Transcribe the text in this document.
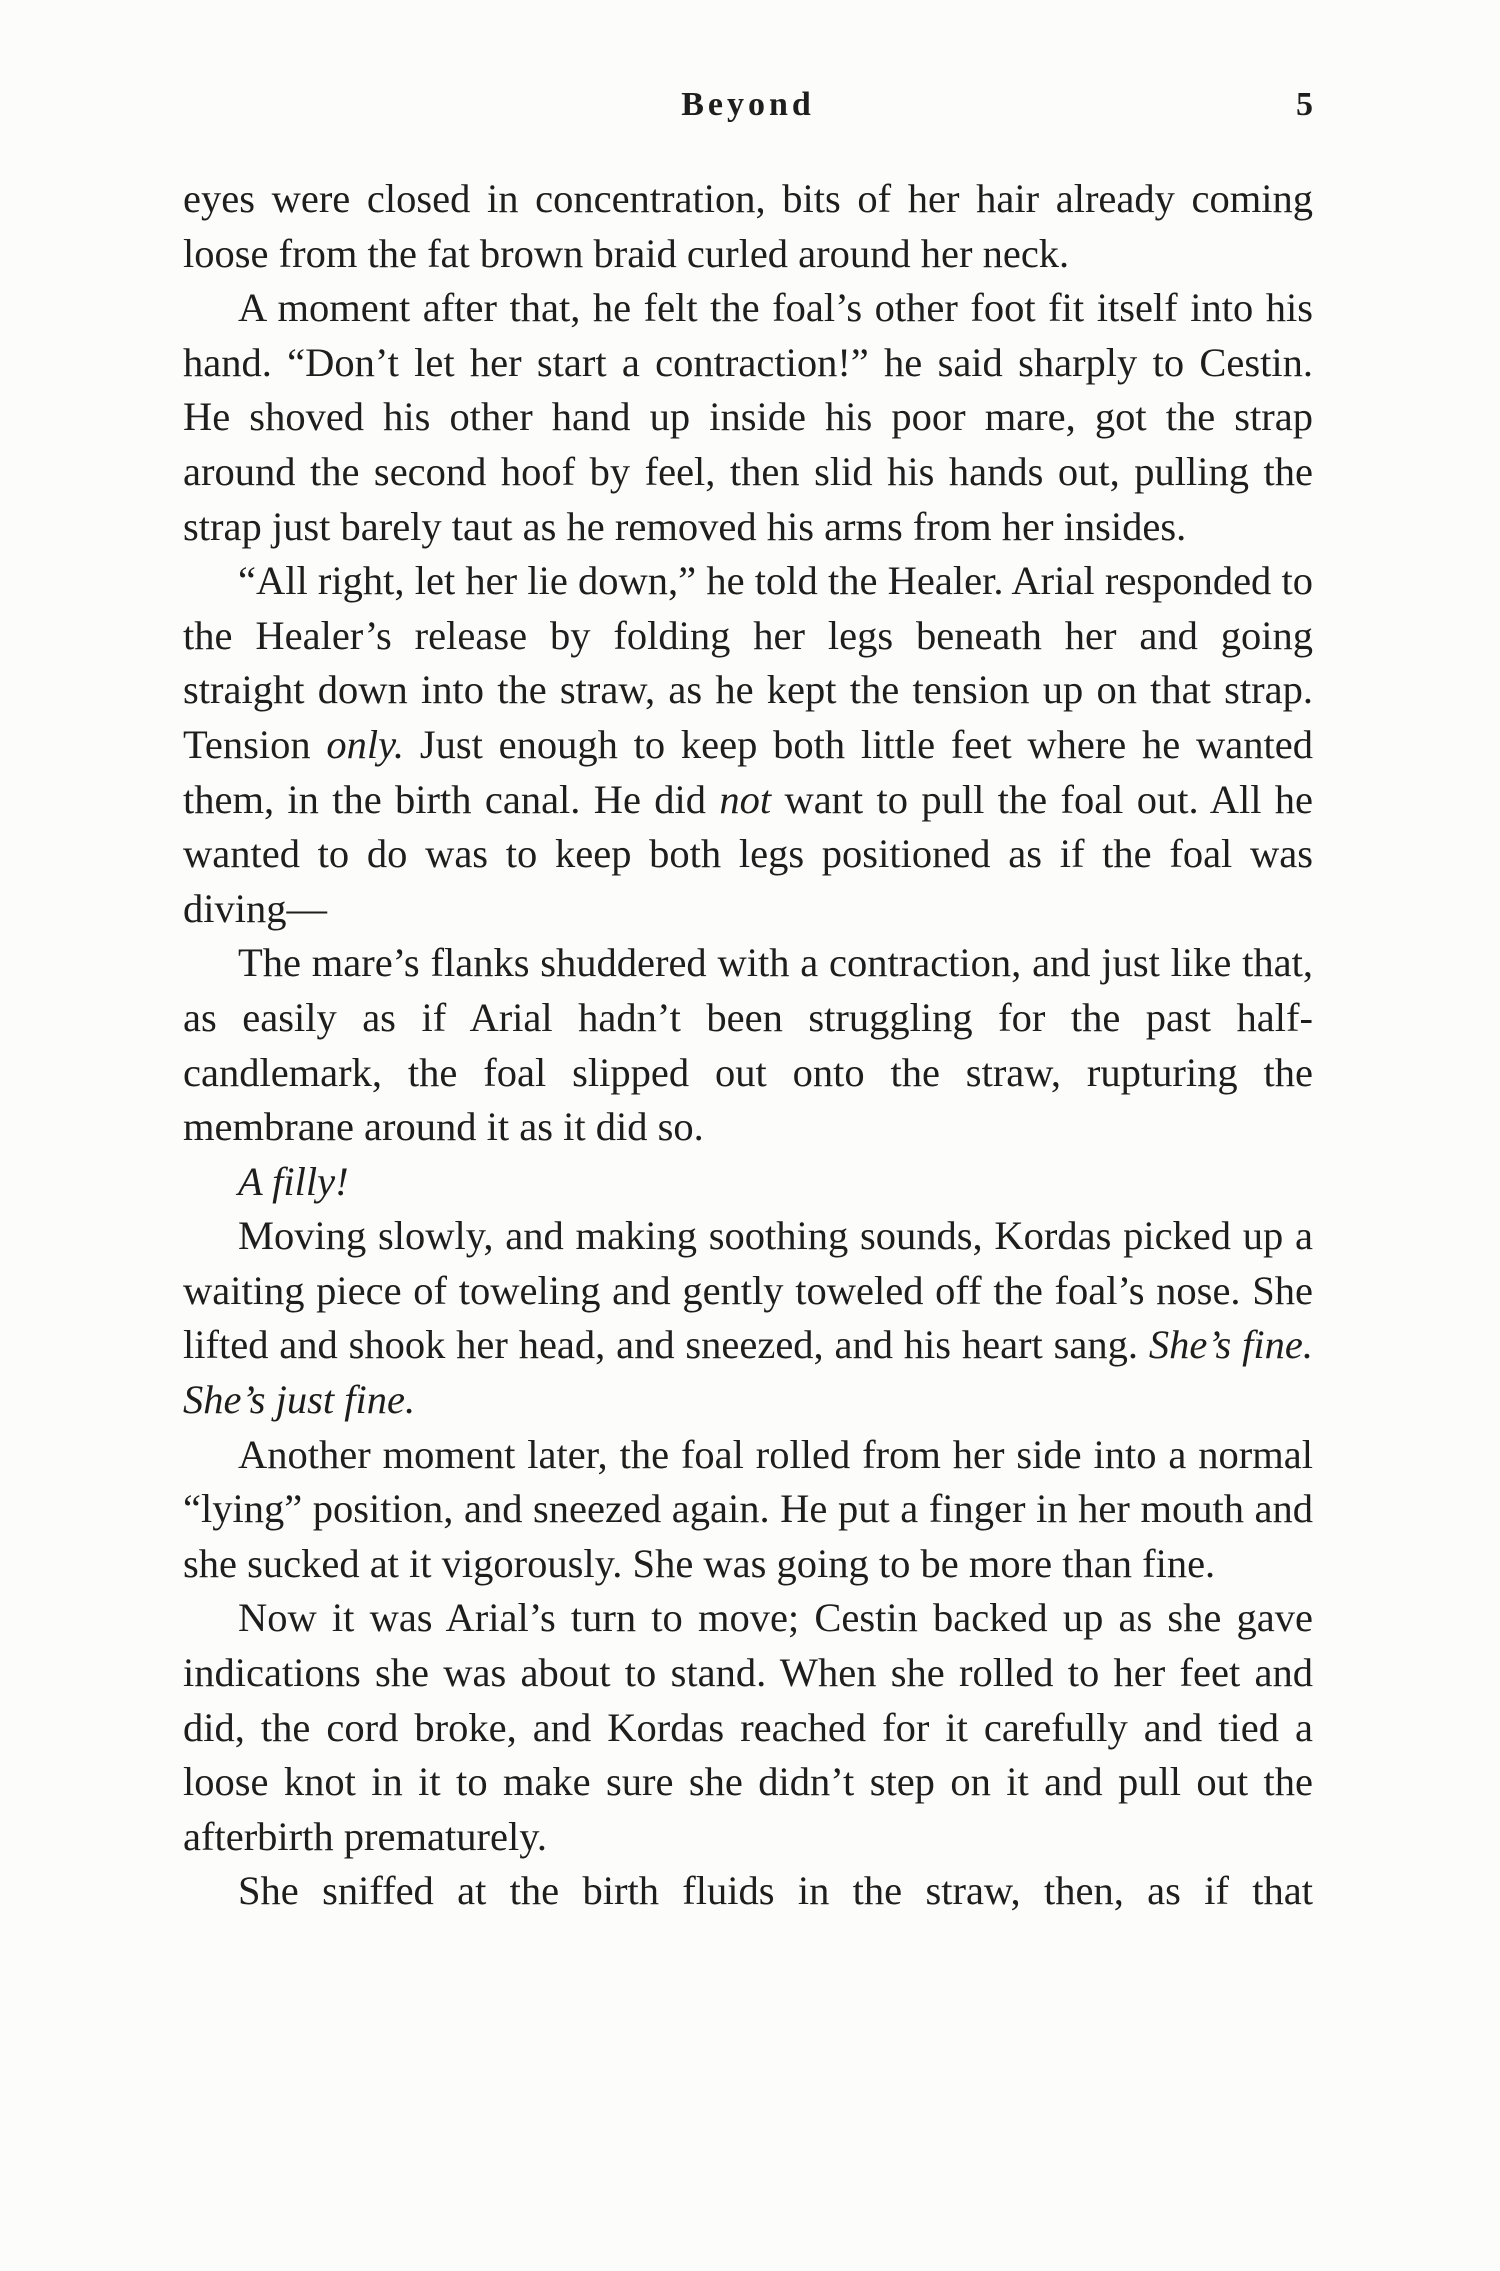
Beyond	5

eyes were closed in concentration, bits of her hair already coming loose from the fat brown braid curled around her neck.

A moment after that, he felt the foal’s other foot fit itself into his hand. “Don’t let her start a contraction!” he said sharply to Cestin. He shoved his other hand up inside his poor mare, got the strap around the second hoof by feel, then slid his hands out, pulling the strap just barely taut as he removed his arms from her insides.

“All right, let her lie down,” he told the Healer. Arial responded to the Healer’s release by folding her legs beneath her and going straight down into the straw, as he kept the tension up on that strap. Tension only. Just enough to keep both little feet where he wanted them, in the birth canal. He did not want to pull the foal out. All he wanted to do was to keep both legs positioned as if the foal was diving—

The mare’s flanks shuddered with a contraction, and just like that, as easily as if Arial hadn’t been struggling for the past half-candlemark, the foal slipped out onto the straw, rupturing the membrane around it as it did so.

A filly!

Moving slowly, and making soothing sounds, Kordas picked up a waiting piece of toweling and gently toweled off the foal’s nose. She lifted and shook her head, and sneezed, and his heart sang. She’s fine. She’s just fine.

Another moment later, the foal rolled from her side into a normal “lying” position, and sneezed again. He put a finger in her mouth and she sucked at it vigorously. She was going to be more than fine.

Now it was Arial’s turn to move; Cestin backed up as she gave indications she was about to stand. When she rolled to her feet and did, the cord broke, and Kordas reached for it carefully and tied a loose knot in it to make sure she didn’t step on it and pull out the afterbirth prematurely.

She sniffed at the birth fluids in the straw, then, as if that
